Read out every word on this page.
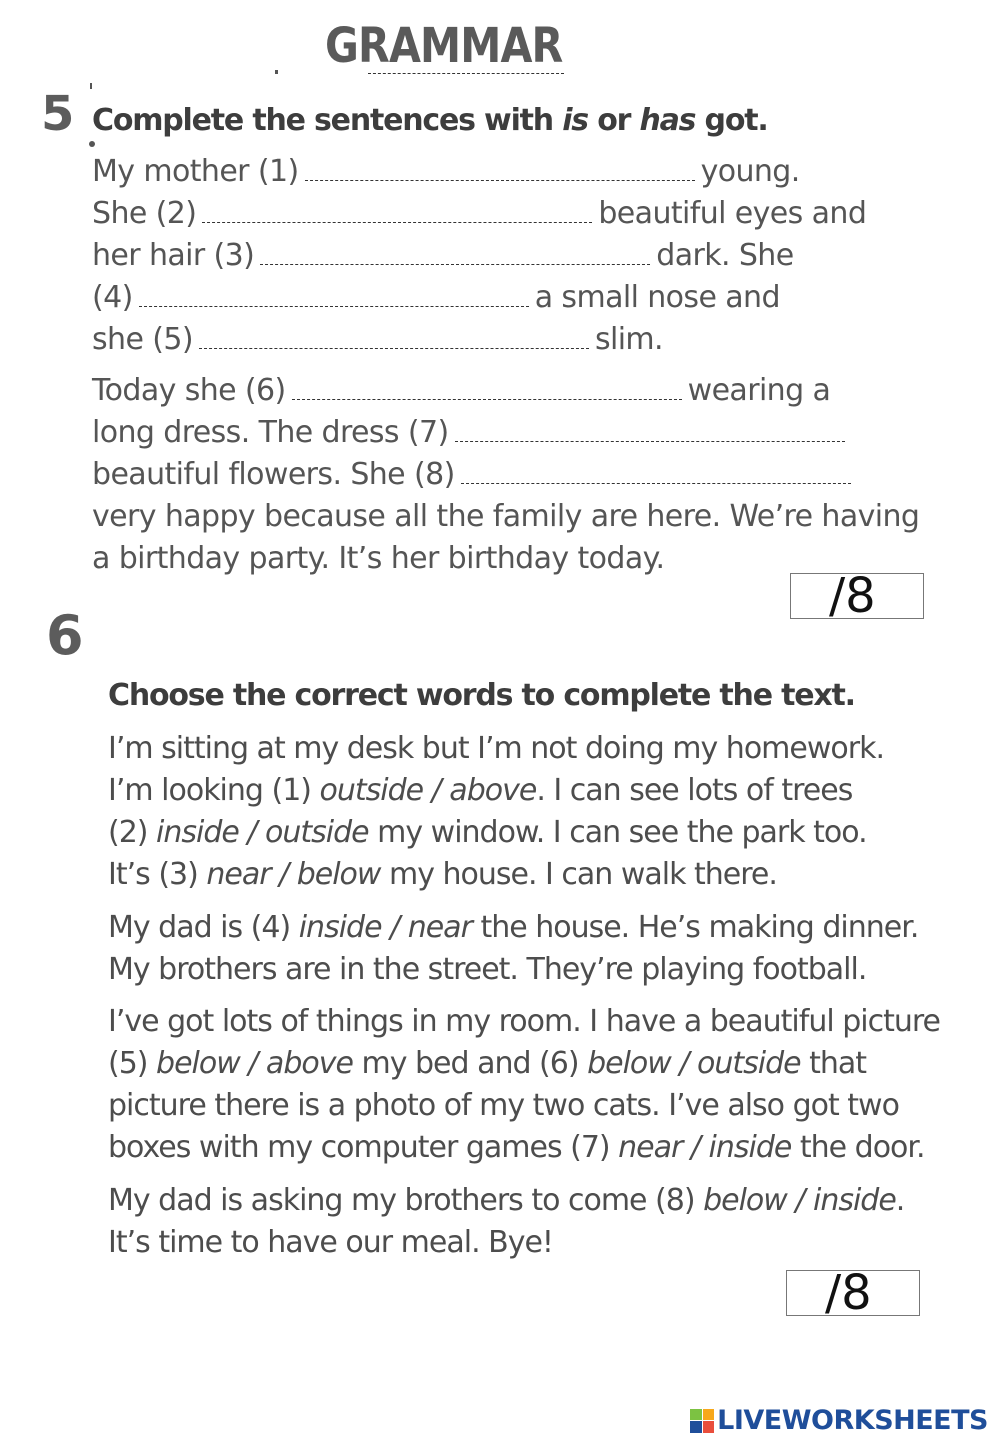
GRAMMAR
5 Complete the sentences with is or has got.
My mother (1)	young.
She (2)	beautiful eyes and
her hair (3)	dark. She
(4)	a small nose and
she (5)	slim.
Today she (6)	wearing a
long dress. The dress (7)
beautiful flowers. She (8)
very happy because all the family are here. We’re having
a birthday party. It’s her birthday today.
/8
6
Choose the correct words to complete the text.
I’m sitting at my desk but I’m not doing my homework.
I’m looking (1) outside / above. I can see lots of trees
(2) inside / outside my window. I can see the park too.
It’s (3) near / below my house. I can walk there.
My dad is (4) inside / near the house. He’s making dinner.
My brothers are in the street. They’re playing football.
I’ve got lots of things in my room. I have a beautiful picture
(5) below / above my bed and (6) below / outside that
picture there is a photo of my two cats. I’ve also got two
boxes with my computer games (7) near / inside the door.
My dad is asking my brothers to come (8) below / inside.
It’s time to have our meal. Bye!
/8
LIVEWORKSHEETS
